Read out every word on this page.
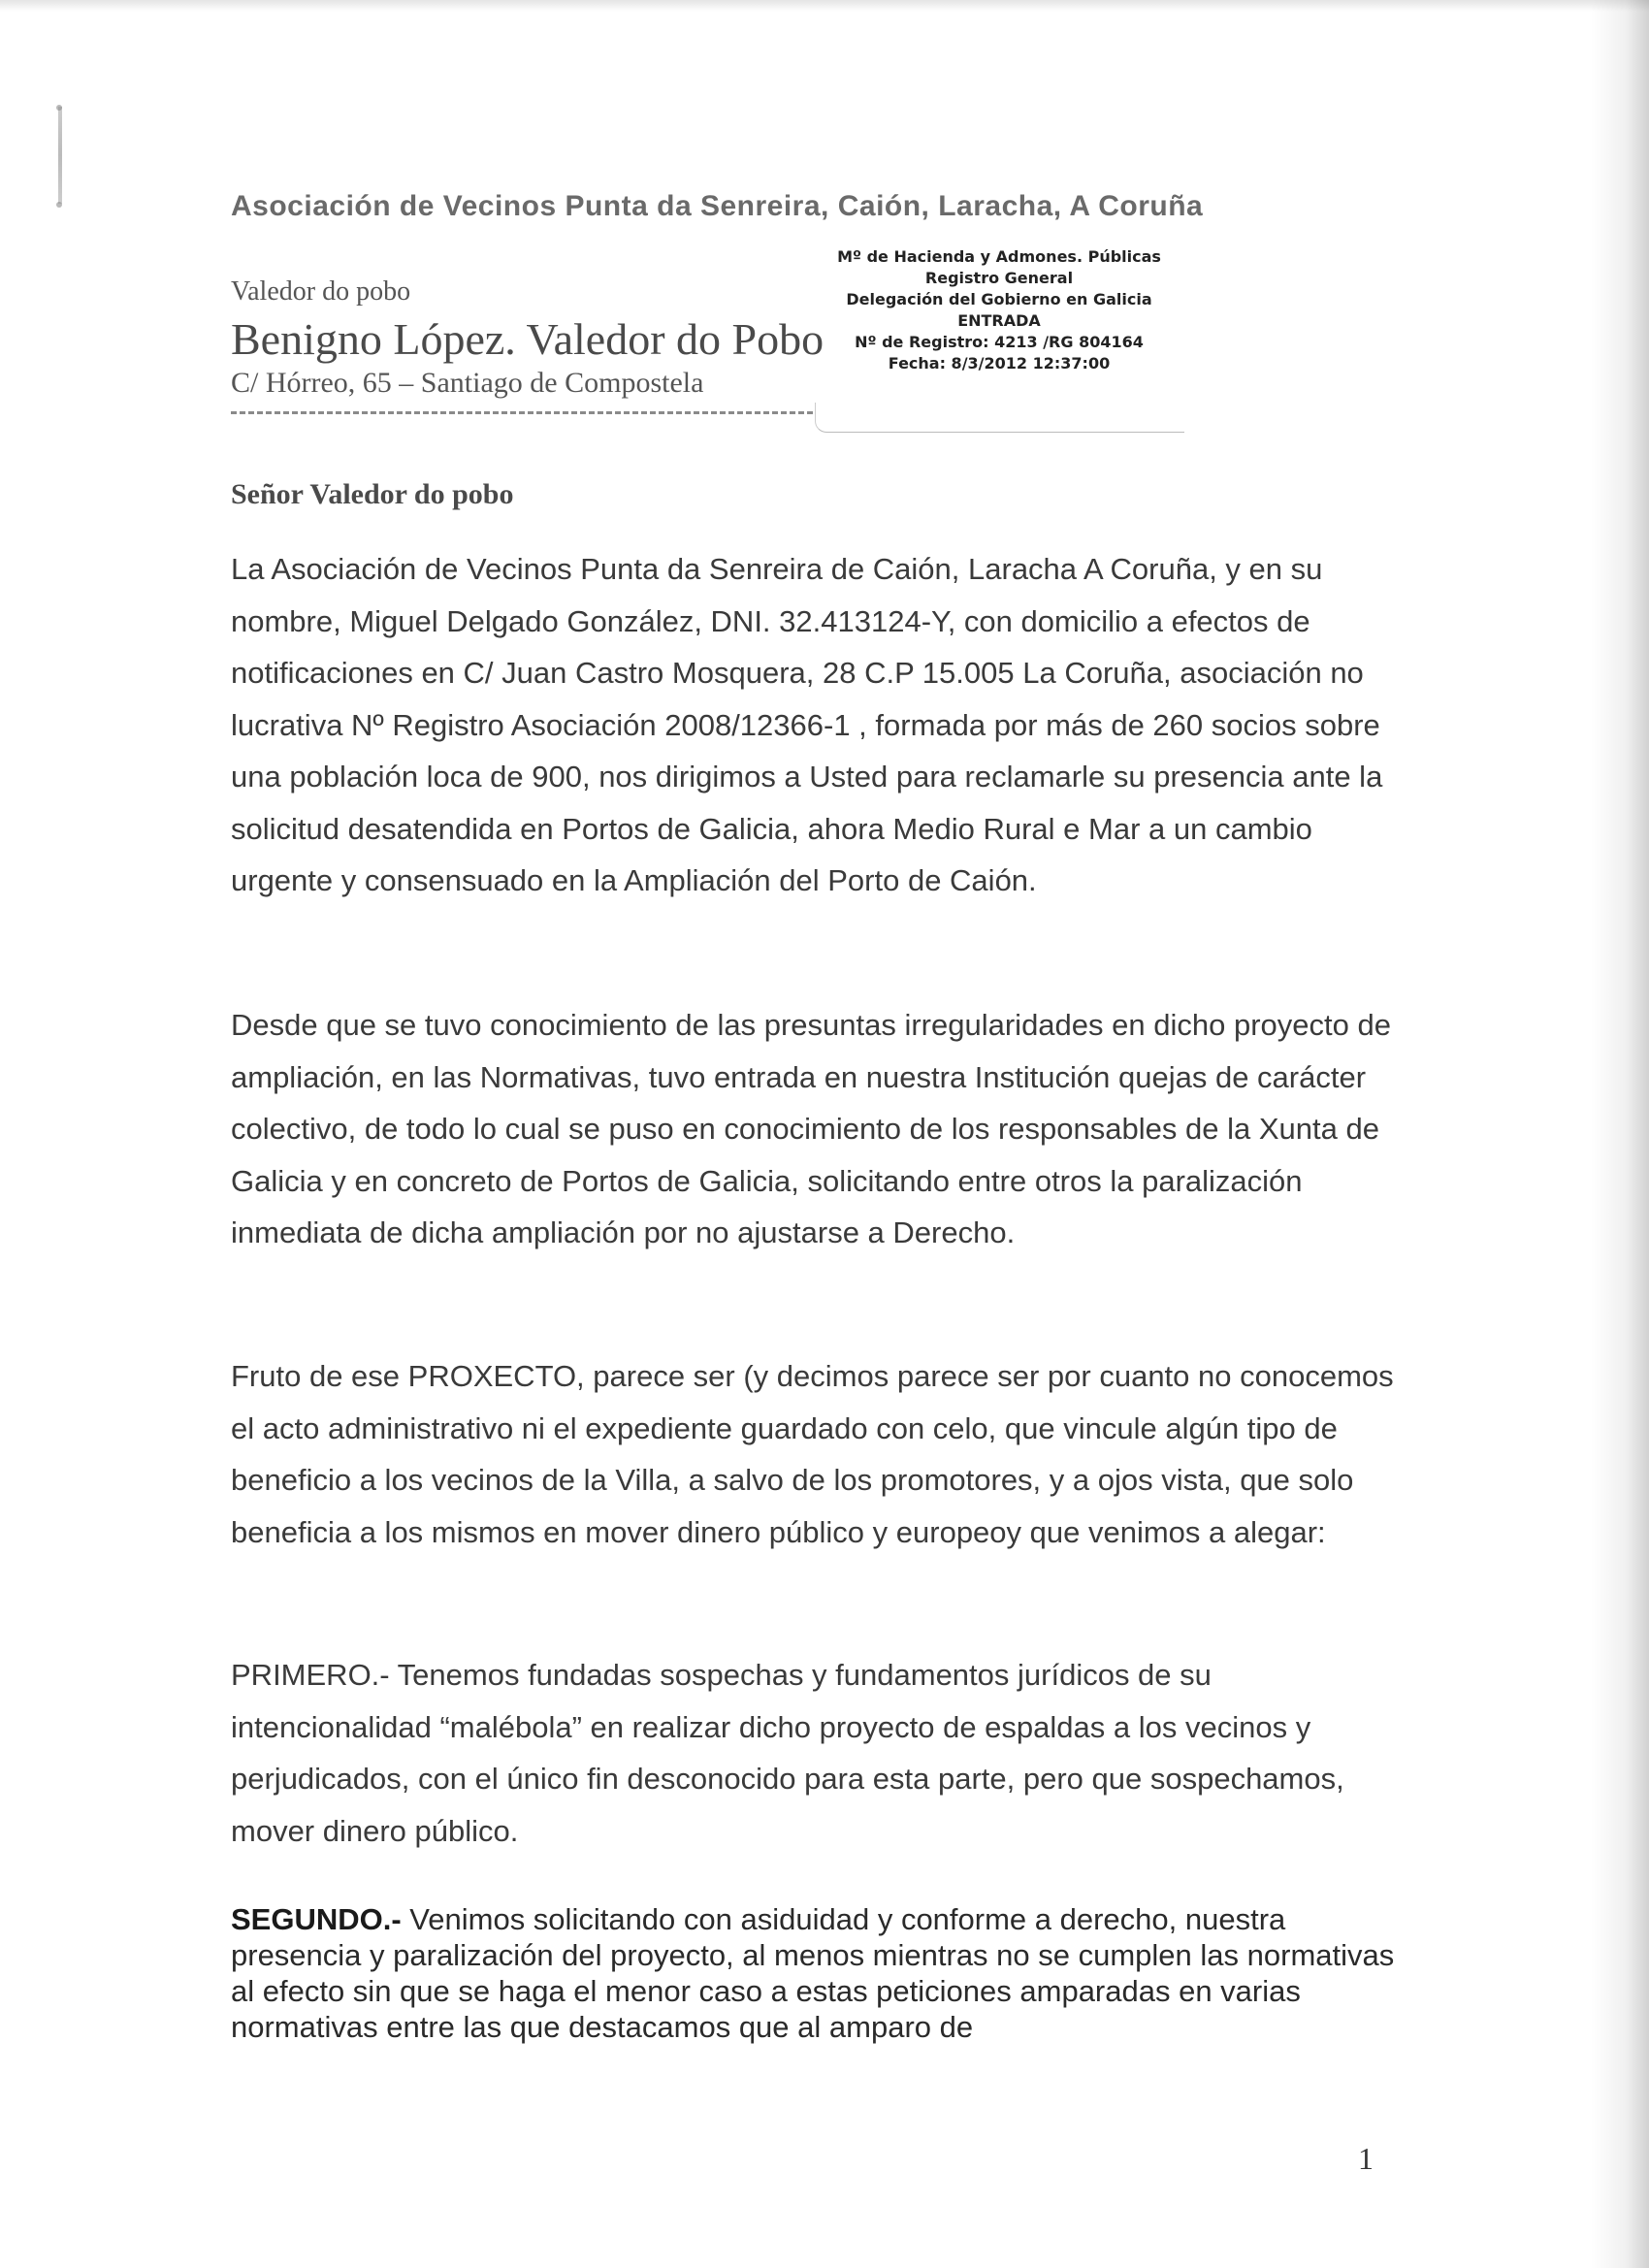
Asociación de Vecinos Punta da Senreira, Caión, Laracha, A Coruña
Valedor do pobo
Benigno López. Valedor do Pobo
C/ Hórreo, 65 – Santiago de Compostela
Mº de Hacienda y Admones. Públicas
Registro General
Delegación del Gobierno en Galicia
ENTRADA
Nº de Registro: 4213 /RG 804164
Fecha: 8/3/2012 12:37:00
Señor Valedor do pobo
La Asociación de Vecinos Punta da Senreira de Caión, Laracha A Coruña, y en su nombre, Miguel Delgado González, DNI. 32.413124-Y, con domicilio a efectos de notificaciones en C/ Juan Castro Mosquera, 28 C.P 15.005 La Coruña, asociación no lucrativa Nº Registro Asociación 2008/12366-1 , formada por más de 260 socios sobre una población loca de 900, nos dirigimos a Usted para reclamarle su presencia ante la solicitud desatendida en Portos de Galicia, ahora Medio Rural e Mar a un cambio urgente y consensuado en la Ampliación del Porto de Caión.
Desde que se tuvo conocimiento de las presuntas irregularidades en dicho proyecto de ampliación, en las Normativas, tuvo entrada en nuestra Institución quejas de carácter colectivo, de todo lo cual se puso en conocimiento de los responsables de la Xunta de Galicia y en concreto de Portos de Galicia, solicitando entre otros la paralización inmediata de dicha ampliación por no ajustarse a Derecho.
Fruto de ese PROXECTO, parece ser (y decimos parece ser por cuanto no conocemos el acto administrativo ni el expediente guardado con celo, que vincule algún tipo de beneficio a los vecinos de la Villa, a salvo de los promotores, y a ojos vista, que solo beneficia a los mismos en mover dinero público y europeoy que venimos a alegar:
PRIMERO.- Tenemos fundadas sospechas y fundamentos jurídicos de su intencionalidad “malébola” en realizar dicho proyecto de espaldas a los vecinos y perjudicados, con el único fin desconocido para esta parte, pero que sospechamos, mover dinero público.
SEGUNDO.- Venimos solicitando con asiduidad y conforme a derecho, nuestra presencia y paralización del proyecto, al menos mientras no se cumplen las normativas al efecto sin que se haga el menor caso a estas peticiones amparadas en varias normativas entre las que destacamos que al amparo de
1
